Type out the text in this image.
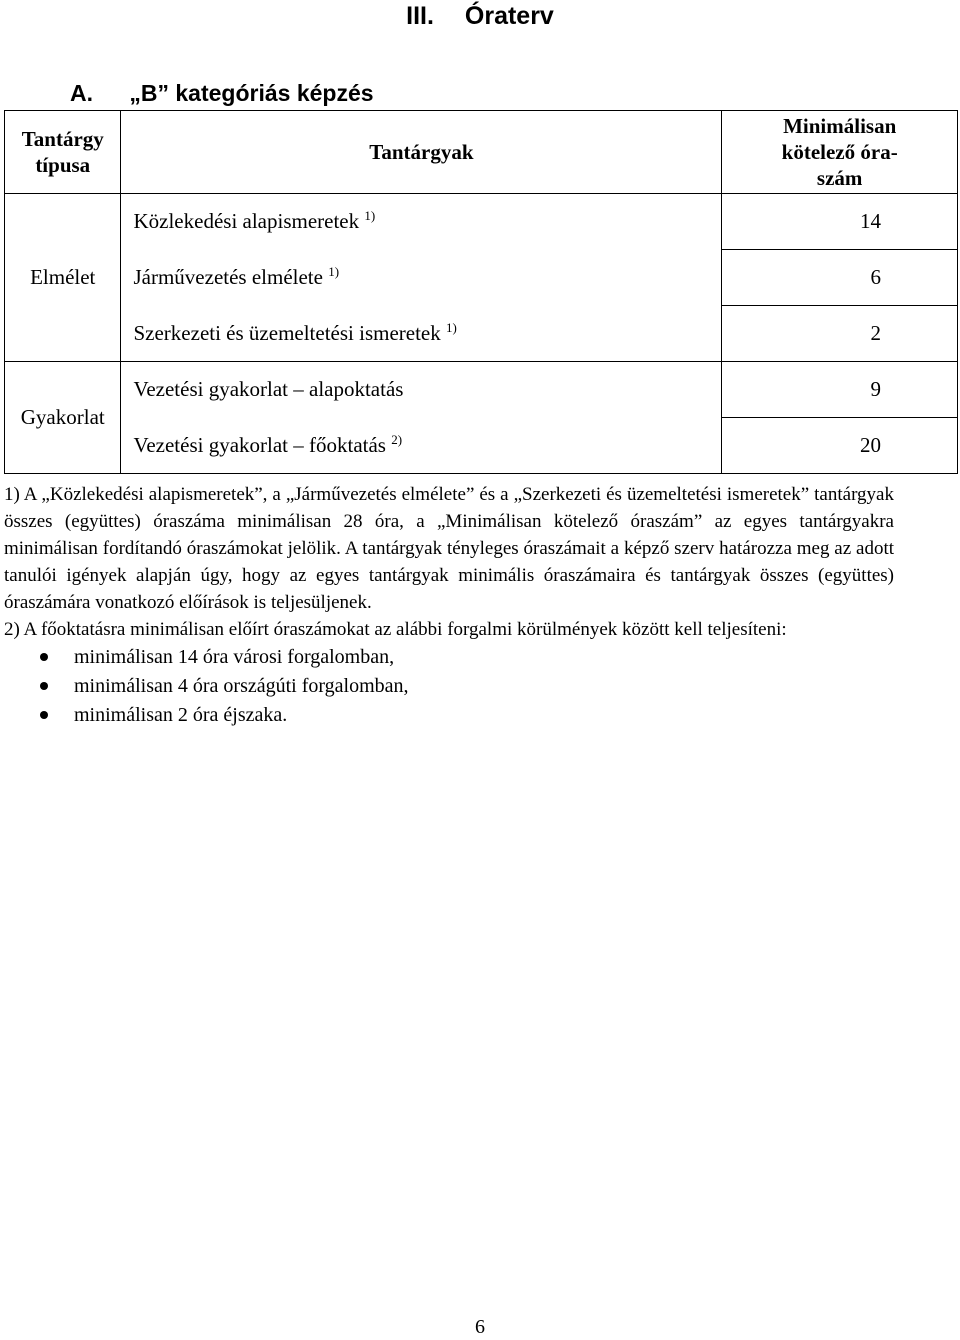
III. Óraterv
A. „B” kategóriás képzés
Tantárgy típusa	Tantárgyak	Minimálisan
kötelező óra-
szám
Elmélet	Közlekedési alapismeretek $^{1)}$	14
	Járművezetés elmélete $^{1)}$	6
	Szerkezeti és üzemeltetési ismeretek $^{1)}$	2
Gyakorlat	Vezetési gyakorlat – alapoktatás	9
	Vezetési gyakorlat – főoktatás $^{2)}$	20

1) A „Közlekedési alapismeretek”, a „Járművezetés elmélete” és a „Szerkezeti és üzemeltetési ismeretek” tantárgyak összes (együttes) óraszáma minimálisan 28 óra, a „Minimálisan kötelező óraszám” az egyes tantárgyakra minimálisan fordítandó óraszámokat jelölik. A tantárgyak tényleges óraszámait a képző szerv határozza meg az adott tanulói igények alapján úgy, hogy az egyes tantárgyak minimális óraszámaira és tantárgyak összes (együttes) óraszámára vonatkozó előírások is teljesüljenek.

2) A főoktatásra minimálisan előírt óraszámokat az alábbi forgalmi körülmények között kell teljesíteni:

minimálisan 14 óra városi forgalomban,
minimálisan 4 óra országúti forgalomban,
minimálisan 2 óra éjszaka.
6
